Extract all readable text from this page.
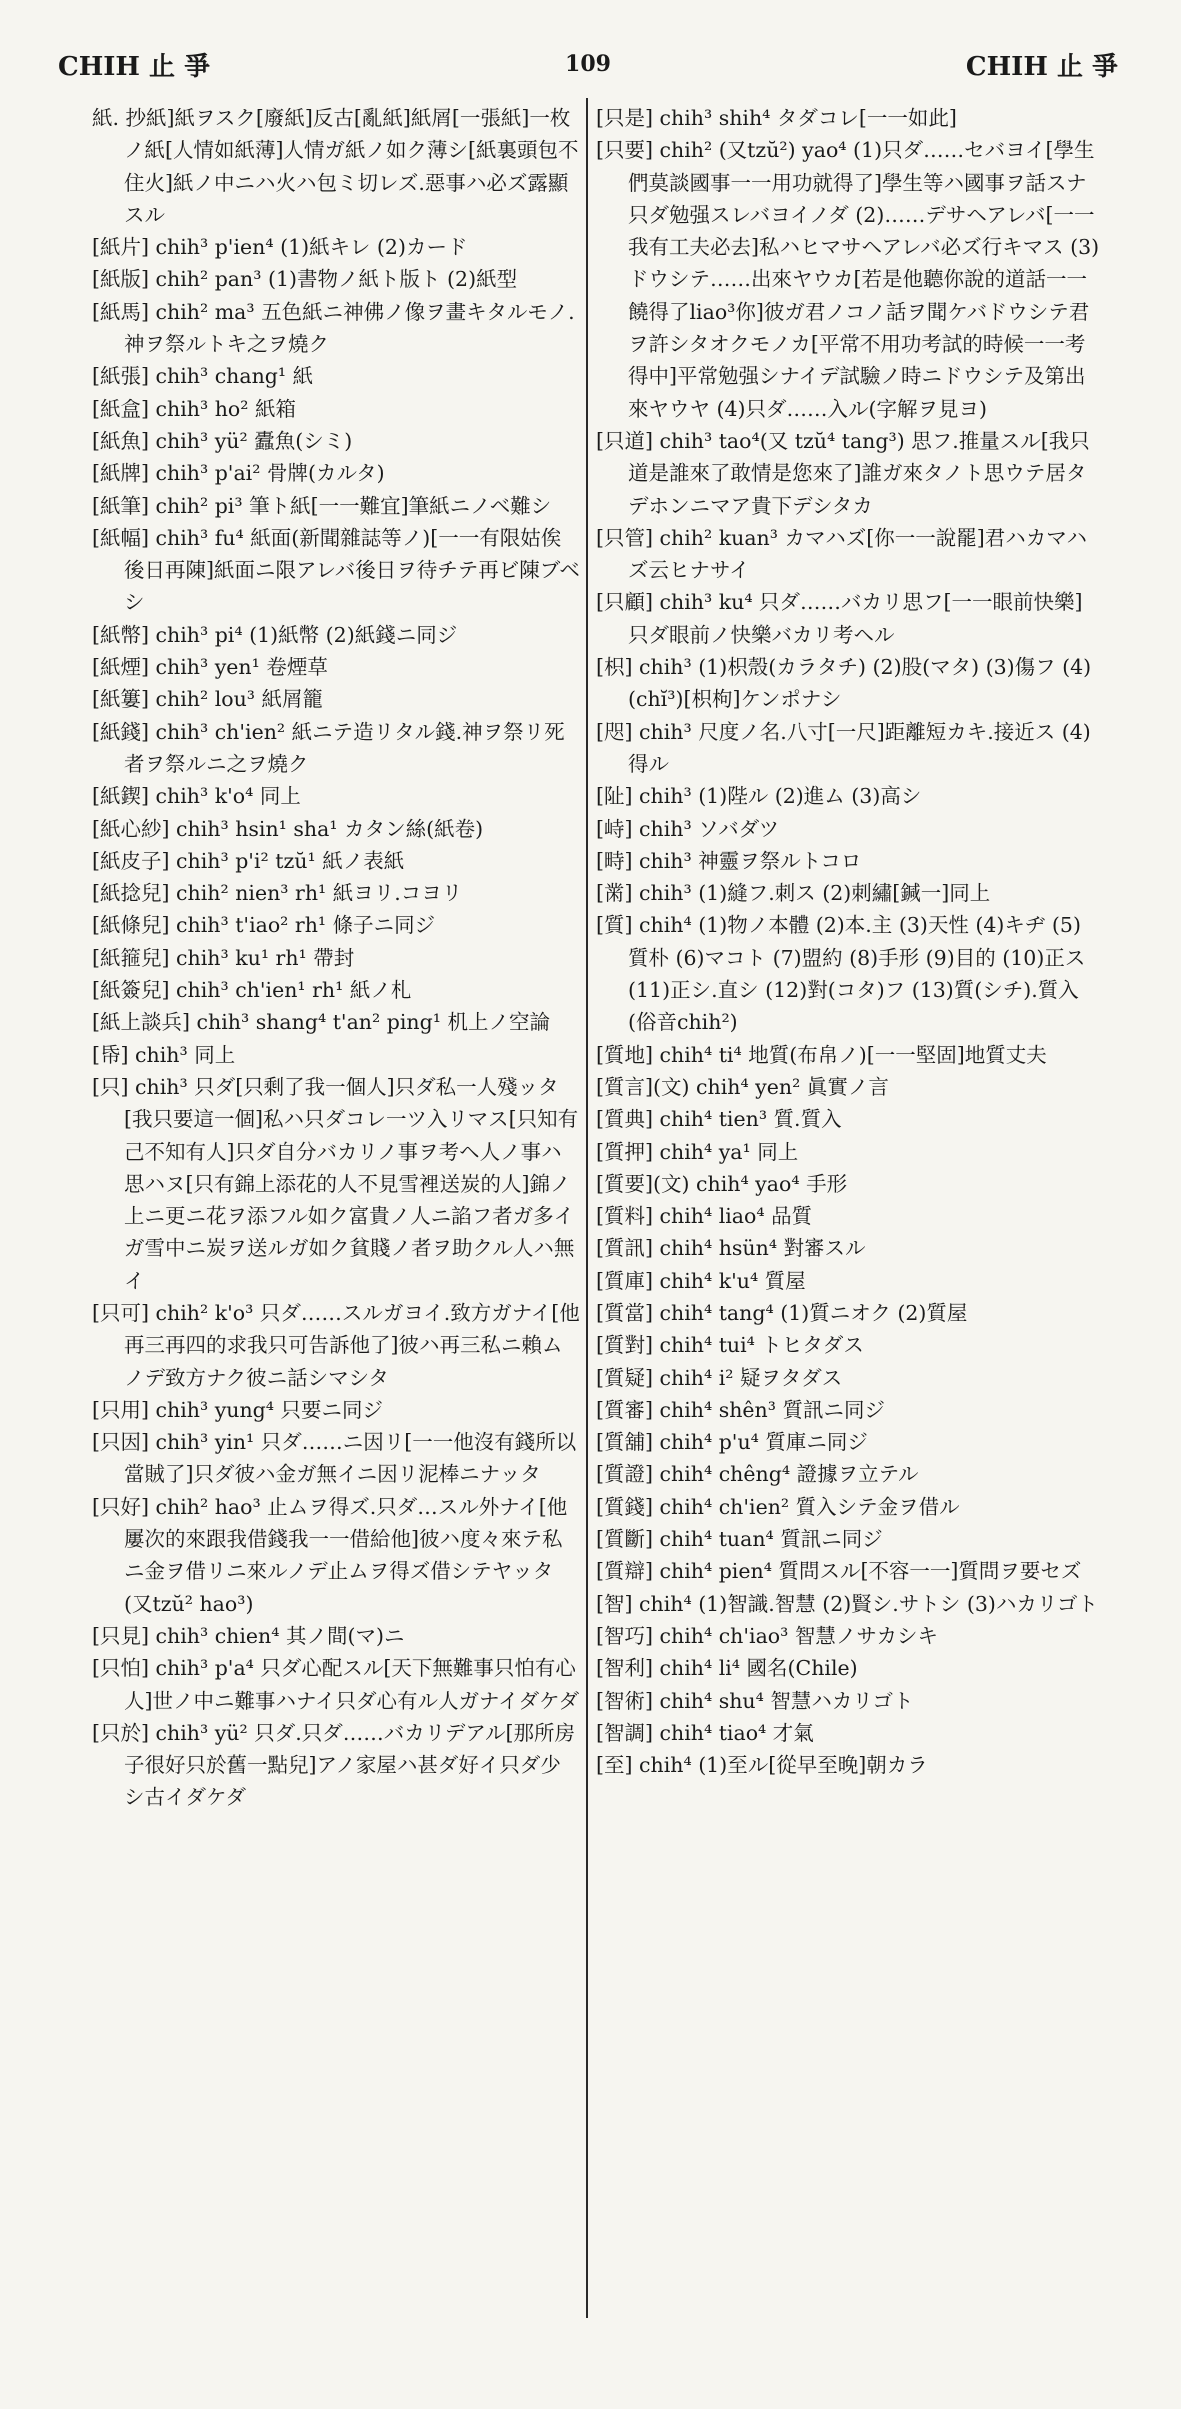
CHIH 止 爭	109	CHIH 止 爭

紙. 抄紙]紙ヲスク[廢紙]反古[亂紙]紙屑[一張紙]一枚ノ紙[人情如紙薄]人情ガ紙ノ如ク薄シ[紙裏頭包不住火]紙ノ中ニハ火ハ包ミ切レズ.惡事ハ必ズ露顯スル

[紙片] chih³ p'ien⁴ (1)紙キレ (2)カード

[紙版] chih² pan³ (1)書物ノ紙ト版ト (2)紙型

[紙馬] chih² ma³ 五色紙ニ神佛ノ像ヲ畫キタルモノ.神ヲ祭ルトキ之ヲ燒ク

[紙張] chih³ chang¹ 紙

[紙盒] chih³ ho² 紙箱

[紙魚] chih³ yü² 蠹魚(シミ)

[紙牌] chih³ p'ai² 骨牌(カルタ)

[紙筆] chih² pi³ 筆ト紙[一一難宜]筆紙ニノベ難シ

[紙幅] chih³ fu⁴ 紙面(新聞雜誌等ノ)[一一有限姑俟後日再陳]紙面ニ限アレバ後日ヲ待チテ再ビ陳ブベシ

[紙幣] chih³ pi⁴ (1)紙幣 (2)紙錢ニ同ジ

[紙煙] chih³ yen¹ 卷煙草

[紙簍] chih² lou³ 紙屑籠

[紙錢] chih³ ch'ien² 紙ニテ造リタル錢.神ヲ祭リ死者ヲ祭ルニ之ヲ燒ク

[紙鍥] chih³ k'o⁴ 同上

[紙心紗] chih³ hsin¹ sha¹ カタン絲(紙卷)

[紙皮子] chih³ p'i² tzŭ¹ 紙ノ表紙

[紙捻兒] chih² nien³ rh¹ 紙ヨリ.コヨリ

[紙條兒] chih³ t'iao² rh¹ 條子ニ同ジ

[紙箍兒] chih³ ku¹ rh¹ 帶封

[紙簽兒] chih³ ch'ien¹ rh¹ 紙ノ札

[紙上談兵] chih³ shang⁴ t'an² ping¹ 机上ノ空論

[帋] chih³ 同上

[只] chih³ 只ダ[只剩了我一個人]只ダ私一人殘ッタ[我只要這一個]私ハ只ダコレ一ツ入リマス[只知有己不知有人]只ダ自分バカリノ事ヲ考ヘ人ノ事ハ思ハヌ[只有錦上添花的人不見雪裡送炭的人]錦ノ上ニ更ニ花ヲ添フル如ク富貴ノ人ニ諂フ者ガ多イガ雪中ニ炭ヲ送ルガ如ク貧賤ノ者ヲ助クル人ハ無イ

[只可] chih² k'o³ 只ダ……スルガヨイ.致方ガナイ[他再三再四的求我只可告訴他了]彼ハ再三私ニ賴ムノデ致方ナク彼ニ話シマシタ

[只用] chih³ yung⁴ 只要ニ同ジ

[只因] chih³ yin¹ 只ダ……ニ因リ[一一他沒有錢所以當賊了]只ダ彼ハ金ガ無イニ因リ泥棒ニナッタ

[只好] chih² hao³ 止ムヲ得ズ.只ダ…スル外ナイ[他屢次的來跟我借錢我一一借給他]彼ハ度々來テ私ニ金ヲ借リニ來ルノデ止ムヲ得ズ借シテヤッタ(又tzŭ² hao³)

[只見] chih³ chien⁴ 其ノ間(マ)ニ

[只怕] chih³ p'a⁴ 只ダ心配スル[天下無難事只怕有心人]世ノ中ニ難事ハナイ只ダ心有ル人ガナイダケダ

[只於] chih³ yü² 只ダ.只ダ……バカリデアル[那所房子很好只於舊一點兒]アノ家屋ハ甚ダ好イ只ダ少シ古イダケダ

[只是] chih³ shih⁴ タダコレ[一一如此]

[只要] chih² (又tzŭ²) yao⁴ (1)只ダ……セバヨイ[學生們莫談國事一一用功就得了]學生等ハ國事ヲ話スナ只ダ勉强スレバヨイノダ (2)……デサヘアレバ[一一我有工夫必去]私ハヒマサヘアレバ必ズ行キマス (3)ドウシテ……出來ヤウカ[若是他聽你說的道話一一饒得了liao³你]彼ガ君ノコノ話ヲ聞ケバドウシテ君ヲ許シタオクモノカ[平常不用功考試的時候一一考得中]平常勉强シナイデ試驗ノ時ニドウシテ及第出來ヤウヤ (4)只ダ……入ル(字解ヲ見ヨ)

[只道] chih³ tao⁴(又 tzŭ⁴ tang³) 思フ.推量スル[我只道是誰來了敢情是您來了]誰ガ來タノト思ウテ居タデホンニマア貴下デシタカ

[只管] chih² kuan³ カマハズ[你一一說罷]君ハカマハズ云ヒナサイ

[只顧] chih³ ku⁴ 只ダ……バカリ思フ[一一眼前快樂]只ダ眼前ノ快樂バカリ考ヘル

[枳] chih³ (1)枳殼(カラタチ) (2)股(マタ) (3)傷フ (4)(chĭ³)[枳枸]ケンポナシ

[咫] chih³ 尺度ノ名.八寸[一尺]距離短カキ.接近ス (4)得ル

[阯] chih³ (1)陛ル (2)進ム (3)高シ

[峙] chih³ ソバダツ

[畤] chih³ 神靈ヲ祭ルトコロ

[黹] chih³ (1)縫フ.刺ス (2)刺繡[鍼一]同上

[質] chih⁴ (1)物ノ本體 (2)本.主 (3)天性 (4)キヂ (5)質朴 (6)マコト (7)盟約 (8)手形 (9)目的 (10)正ス (11)正シ.直シ (12)對(コタ)フ (13)質(シチ).質入(俗音chih²)

[質地] chih⁴ ti⁴ 地質(布帛ノ)[一一堅固]地質丈夫

[質言](文) chih⁴ yen² 眞實ノ言

[質典] chih⁴ tien³ 質.質入

[質押] chih⁴ ya¹ 同上

[質要](文) chih⁴ yao⁴ 手形

[質料] chih⁴ liao⁴ 品質

[質訊] chih⁴ hsün⁴ 對審スル

[質庫] chih⁴ k'u⁴ 質屋

[質當] chih⁴ tang⁴ (1)質ニオク (2)質屋

[質對] chih⁴ tui⁴ トヒタダス

[質疑] chih⁴ i² 疑ヲタダス

[質審] chih⁴ shên³ 質訊ニ同ジ

[質舖] chih⁴ p'u⁴ 質庫ニ同ジ

[質證] chih⁴ chêng⁴ 證據ヲ立テル

[質錢] chih⁴ ch'ien² 質入シテ金ヲ借ル

[質斷] chih⁴ tuan⁴ 質訊ニ同ジ

[質辯] chih⁴ pien⁴ 質問スル[不容一一]質問ヲ要セズ

[智] chih⁴ (1)智識.智慧 (2)賢シ.サトシ (3)ハカリゴト

[智巧] chih⁴ ch'iao³ 智慧ノサカシキ

[智利] chih⁴ li⁴ 國名(Chile)

[智術] chih⁴ shu⁴ 智慧ハカリゴト

[智調] chih⁴ tiao⁴ 才氣

[至] chih⁴ (1)至ル[從早至晚]朝カラ
